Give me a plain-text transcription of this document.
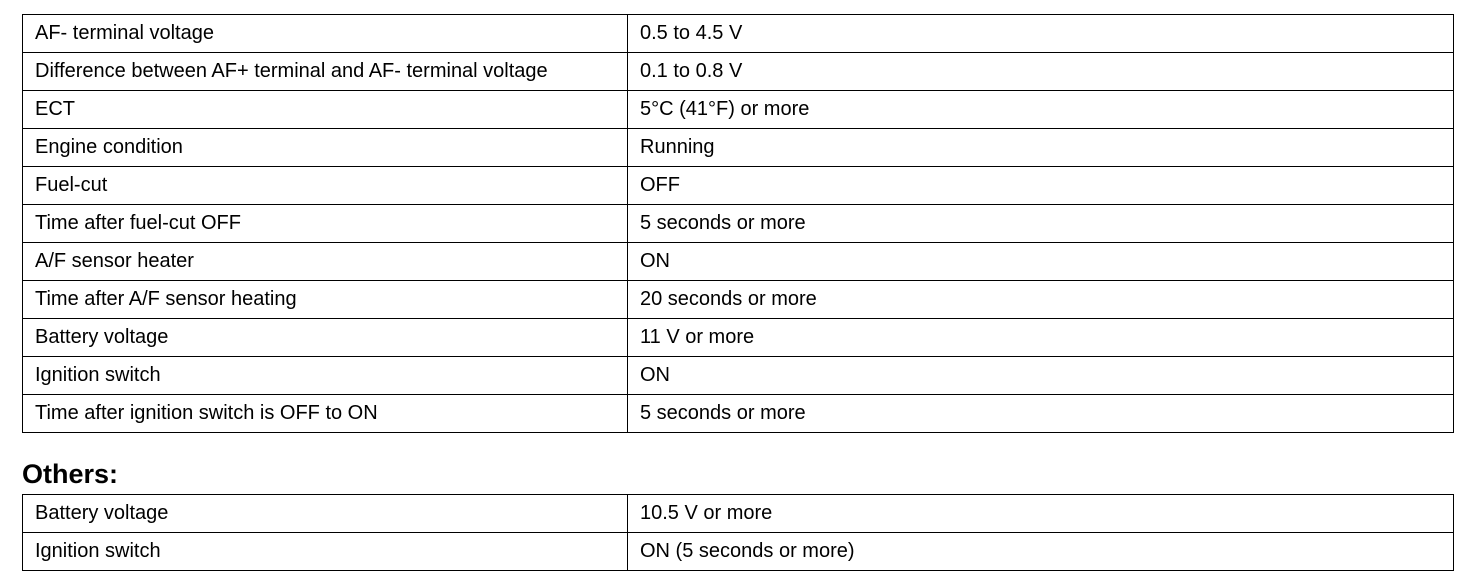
AF- terminal voltage	0.5 to 4.5 V
Difference between AF+ terminal and AF- terminal voltage	0.1 to 0.8 V
ECT	5°C (41°F) or more
Engine condition	Running
Fuel-cut	OFF
Time after fuel-cut OFF	5 seconds or more
A/F sensor heater	ON
Time after A/F sensor heating	20 seconds or more
Battery voltage	11 V or more
Ignition switch	ON
Time after ignition switch is OFF to ON	5 seconds or more
Others:
Battery voltage	10.5 V or more
Ignition switch	ON (5 seconds or more)
